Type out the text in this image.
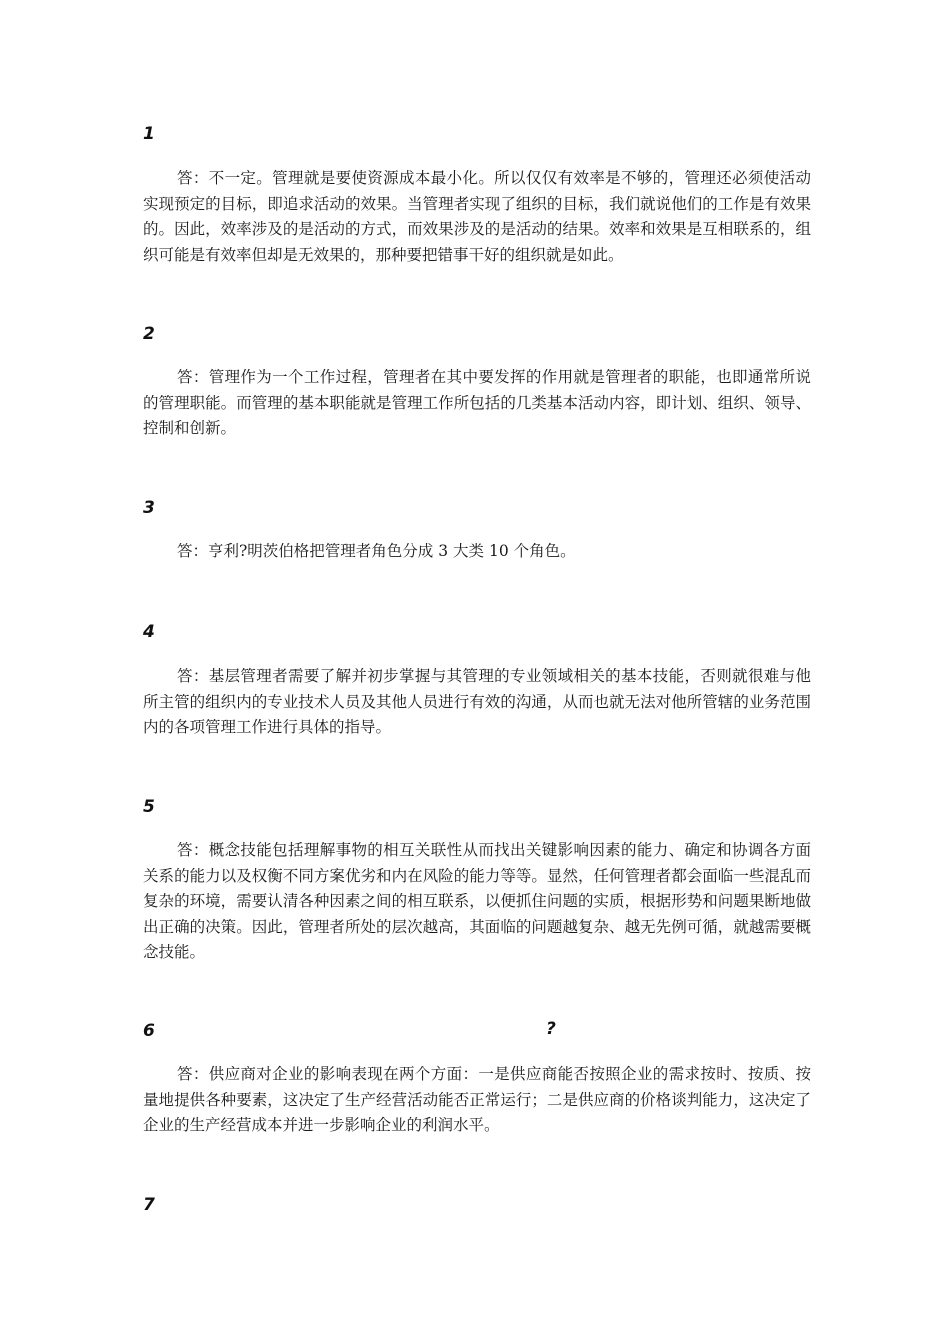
1

答：不一定。管理就是要使资源成本最小化。所以仅仅有效率是不够的，管理还必须使活动实现预定的目标，即追求活动的效果。当管理者实现了组织的目标，我们就说他们的工作是有效果的。因此，效率涉及的是活动的方式，而效果涉及的是活动的结果。效率和效果是互相联系的，组织可能是有效率但却是无效果的，那种要把错事干好的组织就是如此。

2

答：管理作为一个工作过程，管理者在其中要发挥的作用就是管理者的职能，也即通常所说的管理职能。而管理的基本职能就是管理工作所包括的几类基本活动内容，即计划、组织、领导、控制和创新。

3

答：亨利?明茨伯格把管理者角色分成 3 大类 10 个角色。

4

答：基层管理者需要了解并初步掌握与其管理的专业领域相关的基本技能，否则就很难与他所主管的组织内的专业技术人员及其他人员进行有效的沟通，从而也就无法对他所管辖的业务范围内的各项管理工作进行具体的指导。

5

答：概念技能包括理解事物的相互关联性从而找出关键影响因素的能力、确定和协调各方面关系的能力以及权衡不同方案优劣和内在风险的能力等等。显然，任何管理者都会面临一些混乱而复杂的环境，需要认清各种因素之间的相互联系，以便抓住问题的实质，根据形势和问题果断地做出正确的决策。因此，管理者所处的层次越高，其面临的问题越复杂、越无先例可循，就越需要概念技能。

6	?

答：供应商对企业的影响表现在两个方面：一是供应商能否按照企业的需求按时、按质、按量地提供各种要素，这决定了生产经营活动能否正常运行；二是供应商的价格谈判能力，这决定了企业的生产经营成本并进一步影响企业的利润水平。

7
